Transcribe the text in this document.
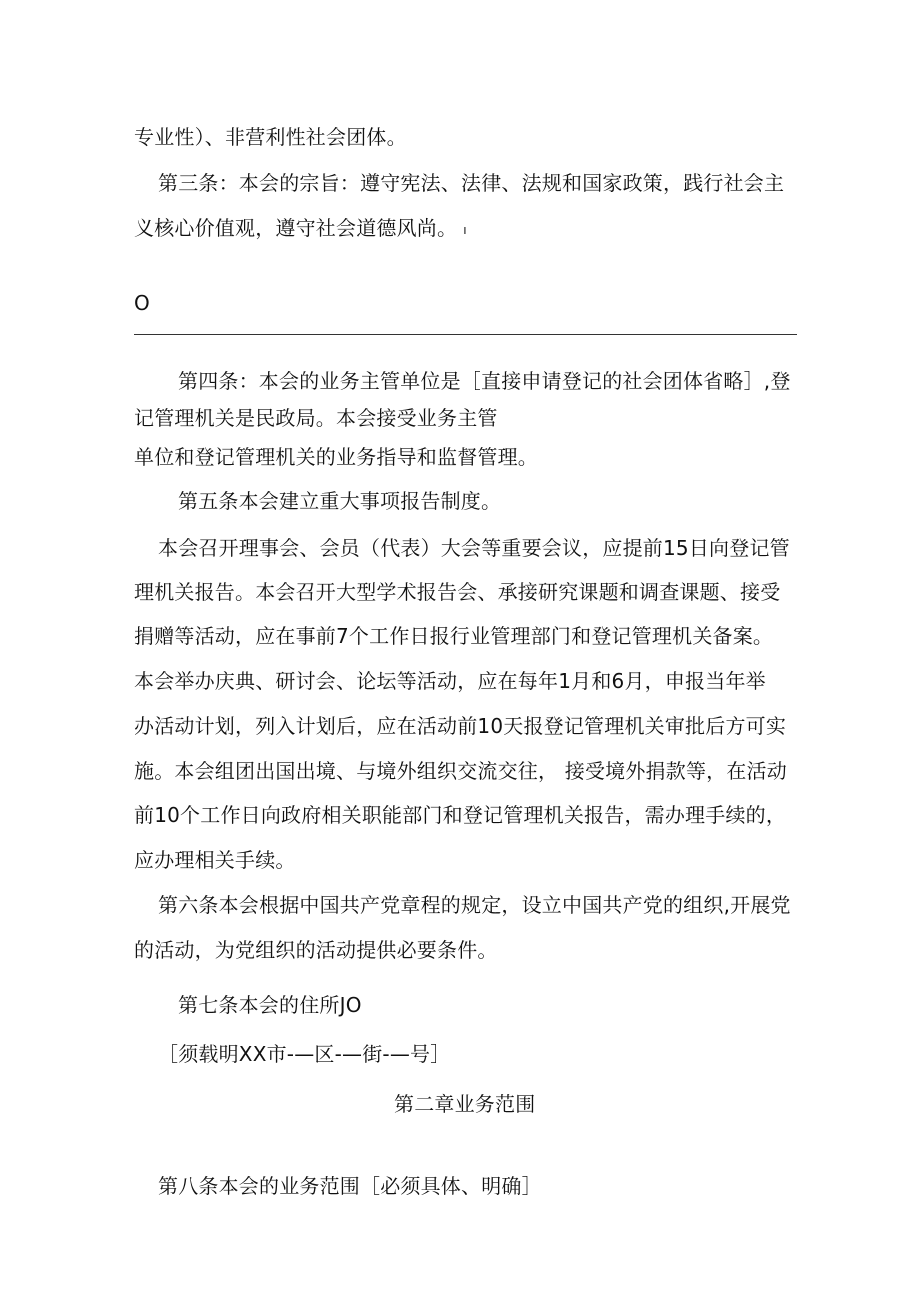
专业性）、非营利性社会团体。
第三条：本会的宗旨：遵守宪法、法律、法规和国家政策，践行社会主
义核心价值观，遵守社会道德风尚。 ı
O
第四条：本会的业务主管单位是［直接申请登记的社会团体省略］,登
记管理机关是民政局。本会接受业务主管
单位和登记管理机关的业务指导和监督管理。
第五条本会建立重大事项报告制度。
本会召开理事会、会员（代表）大会等重要会议，应提前15日向登记管
理机关报告。本会召开大型学术报告会、承接研究课题和调查课题、接受
捐赠等活动，应在事前7个工作日报行业管理部门和登记管理机关备案。
本会举办庆典、研讨会、论坛等活动，应在每年1月和6月，申报当年举
办活动计划，列入计划后，应在活动前10天报登记管理机关审批后方可实
施。本会组团出国出境、与境外组织交流交往， 接受境外捐款等，在活动
前10个工作日向政府相关职能部门和登记管理机关报告，需办理手续的，
应办理相关手续。
第六条本会根据中国共产党章程的规定，设立中国共产党的组织,开展党
的活动，为党组织的活动提供必要条件。
第七条本会的住所JO
［须载明XX市-—区-—街-—号］
第二章业务范围
第八条本会的业务范围［必须具体、明确］
